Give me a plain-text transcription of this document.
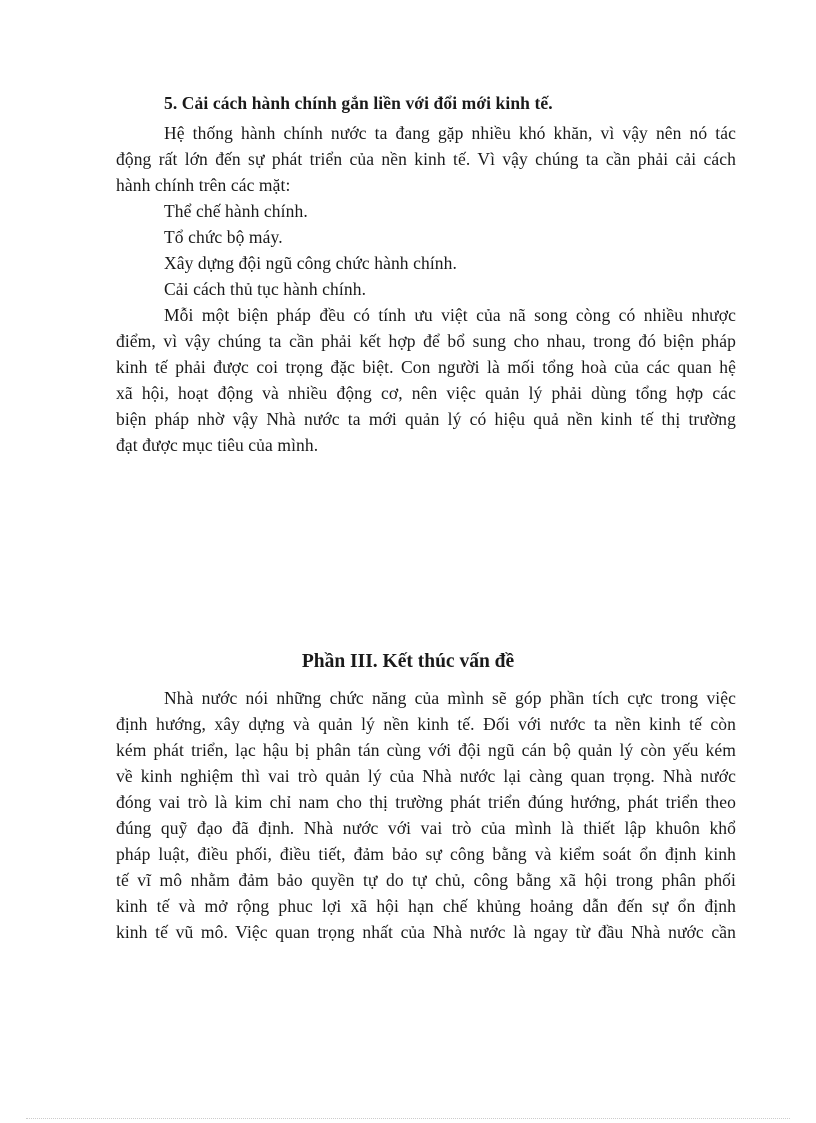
5. Cải cách hành chính gắn liền với đổi mới kinh tế.
Hệ thống hành chính nước ta đang gặp nhiều khó khăn, vì vậy nên nó tác
động rất lớn đến sự phát triển của nền kinh tế. Vì vậy chúng ta cần phải cải cách
hành chính trên các mặt:
Thể chế hành chính.
Tổ chức bộ máy.
Xây dựng đội ngũ công chức hành chính.
Cải cách thủ tục hành chính.
Mỗi một biện pháp đều có tính ưu việt của nã song còng có nhiều nhược
điểm, vì vậy chúng ta cần phải kết hợp để bổ sung cho nhau, trong đó biện pháp
kinh tế phải được coi trọng đặc biệt. Con người là mối tổng hoà của các quan hệ
xã hội, hoạt động và nhiều động cơ, nên việc quản lý phải dùng tổng hợp các
biện pháp nhờ vậy Nhà nước ta mới quản lý có hiệu quả nền kinh tế thị trường
đạt được mục tiêu của mình.
Phần III. Kết thúc vấn đề
Nhà nước nói những chức năng của mình sẽ góp phần tích cực trong việc
định hướng, xây dựng và quản lý nền kinh tế. Đối với nước ta nền kinh tế còn
kém phát triển, lạc hậu bị phân tán cùng với đội ngũ cán bộ quản lý còn yếu kém
về kinh nghiệm thì vai trò quản lý của Nhà nước lại càng quan trọng. Nhà nước
đóng vai trò là kim chỉ nam cho thị trường phát triển đúng hướng, phát triển theo
đúng quỹ đạo đã định. Nhà nước với vai trò của mình là thiết lập khuôn khổ
pháp luật, điều phối, điều tiết, đảm bảo sự công bằng và kiểm soát ổn định kinh
tế vĩ mô nhằm đảm bảo quyền tự do tự chủ, công bằng xã hội trong phân phối
kinh tế và mở rộng phuc lợi xã hội hạn chế khủng hoảng dẫn đến sự ổn định
kinh tế vũ mô. Việc quan trọng nhất của Nhà nước là ngay từ đầu Nhà nước cần
